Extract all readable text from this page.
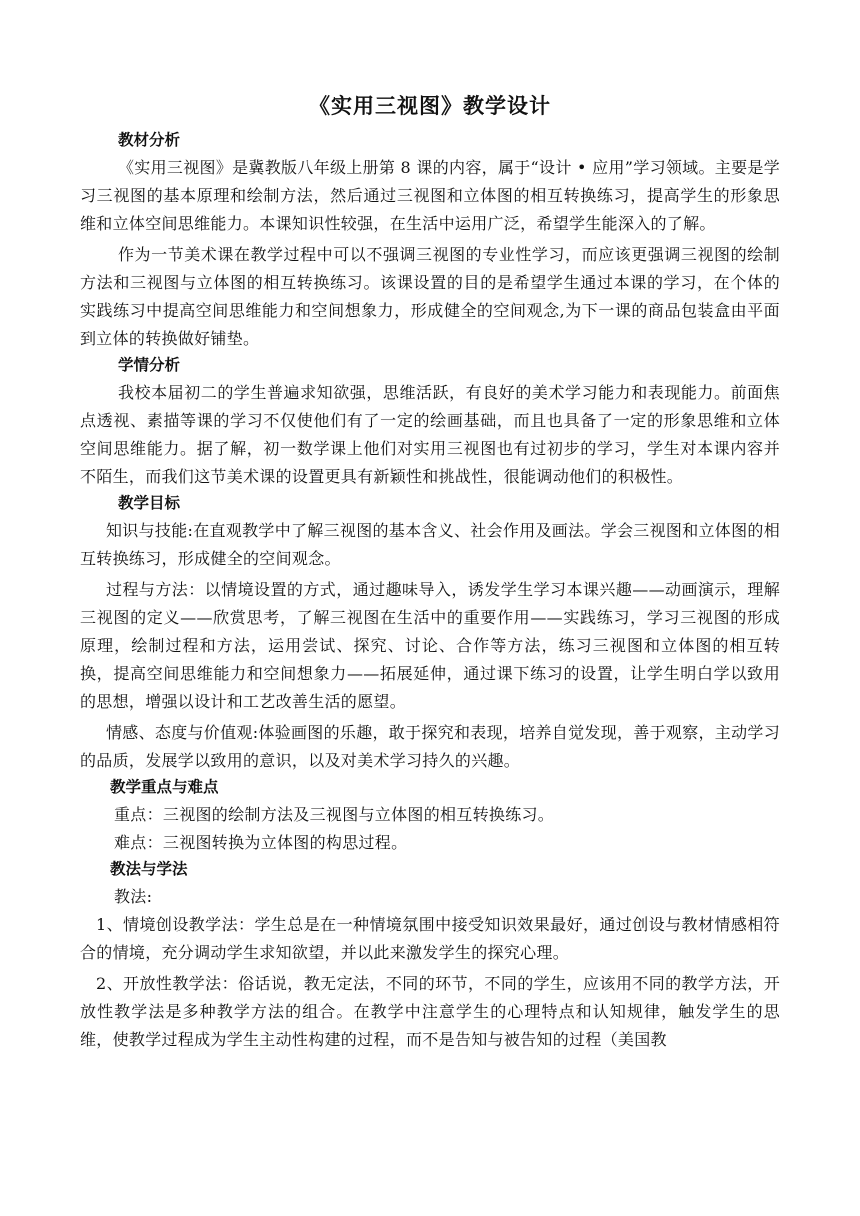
《实用三视图》教学设计
教材分析
《实用三视图》是冀教版八年级上册第 8 课的内容，属于“设计 • 应用”学习领域。主要是学习三视图的基本原理和绘制方法，然后通过三视图和立体图的相互转换练习，提高学生的形象思维和立体空间思维能力。本课知识性较强，在生活中运用广泛，希望学生能深入的了解。
作为一节美术课在教学过程中可以不强调三视图的专业性学习，而应该更强调三视图的绘制方法和三视图与立体图的相互转换练习。该课设置的目的是希望学生通过本课的学习，在个体的实践练习中提高空间思维能力和空间想象力，形成健全的空间观念,为下一课的商品包装盒由平面到立体的转换做好铺垫。
学情分析
我校本届初二的学生普遍求知欲强，思维活跃，有良好的美术学习能力和表现能力。前面焦点透视、素描等课的学习不仅使他们有了一定的绘画基础，而且也具备了一定的形象思维和立体空间思维能力。据了解，初一数学课上他们对实用三视图也有过初步的学习，学生对本课内容并不陌生，而我们这节美术课的设置更具有新颖性和挑战性，很能调动他们的积极性。
教学目标
知识与技能:在直观教学中了解三视图的基本含义、社会作用及画法。学会三视图和立体图的相互转换练习，形成健全的空间观念。
过程与方法：以情境设置的方式，通过趣味导入，诱发学生学习本课兴趣——动画演示，理解三视图的定义——欣赏思考，了解三视图在生活中的重要作用——实践练习，学习三视图的形成原理，绘制过程和方法，运用尝试、探究、讨论、合作等方法，练习三视图和立体图的相互转换，提高空间思维能力和空间想象力——拓展延伸，通过课下练习的设置，让学生明白学以致用的思想，增强以设计和工艺改善生活的愿望。
情感、态度与价值观:体验画图的乐趣，敢于探究和表现，培养自觉发现，善于观察，主动学习的品质，发展学以致用的意识，以及对美术学习持久的兴趣。
教学重点与难点
重点：三视图的绘制方法及三视图与立体图的相互转换练习。
难点：三视图转换为立体图的构思过程。
教法与学法
教法:
1、情境创设教学法：学生总是在一种情境氛围中接受知识效果最好，通过创设与教材情感相符合的情境，充分调动学生求知欲望，并以此来激发学生的探究心理。
2、开放性教学法：俗话说，教无定法，不同的环节，不同的学生，应该用不同的教学方法，开放性教学法是多种教学方法的组合。在教学中注意学生的心理特点和认知规律，触发学生的思维，使教学过程成为学生主动性构建的过程，而不是告知与被告知的过程（美国教
